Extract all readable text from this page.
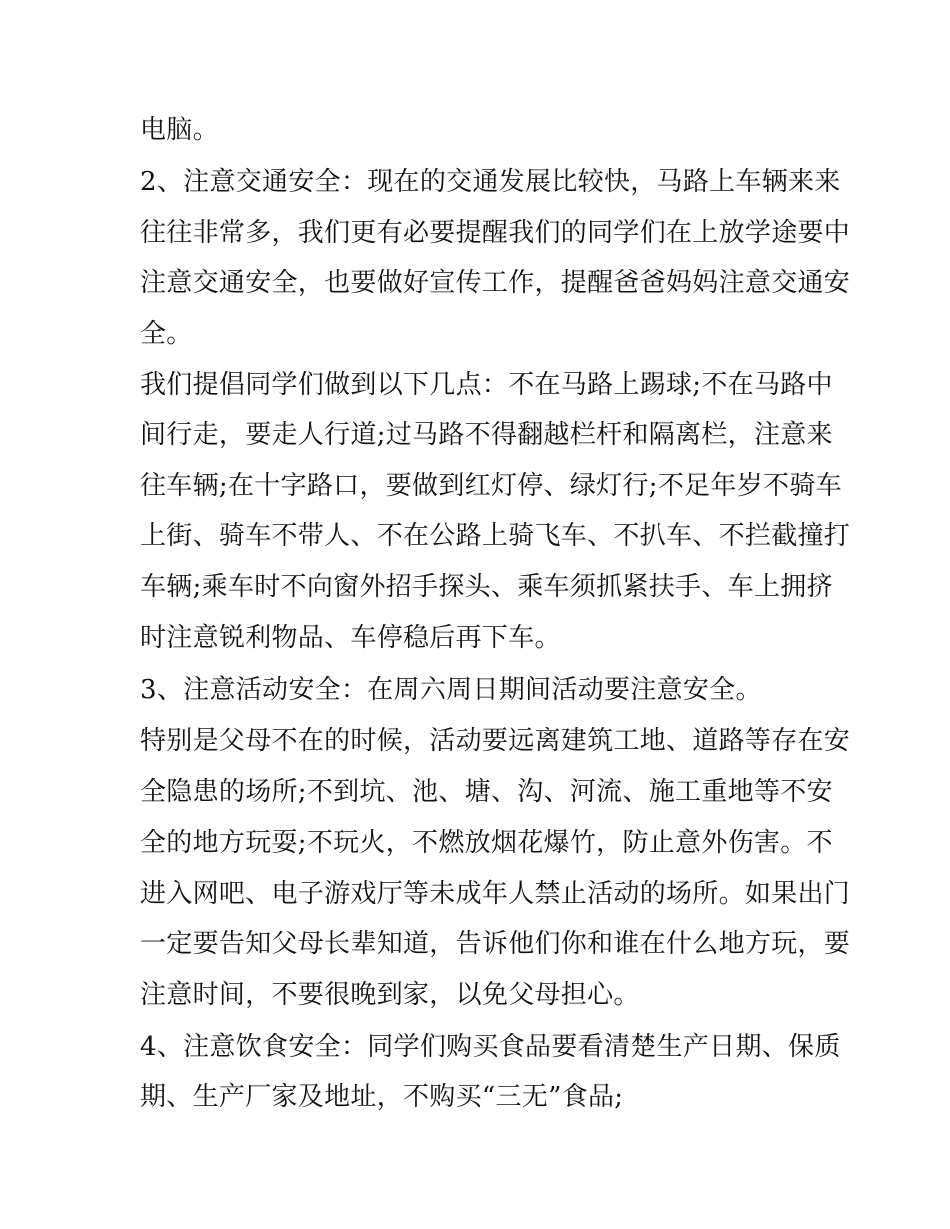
电脑。
2、注意交通安全：现在的交通发展比较快，马路上车辆来来
往往非常多，我们更有必要提醒我们的同学们在上放学途要中
注意交通安全，也要做好宣传工作，提醒爸爸妈妈注意交通安
全。
我们提倡同学们做到以下几点：不在马路上踢球;不在马路中
间行走，要走人行道;过马路不得翻越栏杆和隔离栏，注意来
往车辆;在十字路口，要做到红灯停、绿灯行;不足年岁不骑车
上街、骑车不带人、不在公路上骑飞车、不扒车、不拦截撞打
车辆;乘车时不向窗外招手探头、乘车须抓紧扶手、车上拥挤
时注意锐利物品、车停稳后再下车。
3、注意活动安全：在周六周日期间活动要注意安全。
特别是父母不在的时候，活动要远离建筑工地、道路等存在安
全隐患的场所;不到坑、池、塘、沟、河流、施工重地等不安
全的地方玩耍;不玩火，不燃放烟花爆竹，防止意外伤害。不
进入网吧、电子游戏厅等未成年人禁止活动的场所。如果出门
一定要告知父母长辈知道，告诉他们你和谁在什么地方玩，要
注意时间，不要很晚到家，以免父母担心。
4、注意饮食安全：同学们购买食品要看清楚生产日期、保质
期、生产厂家及地址，不购买“三无”食品;
